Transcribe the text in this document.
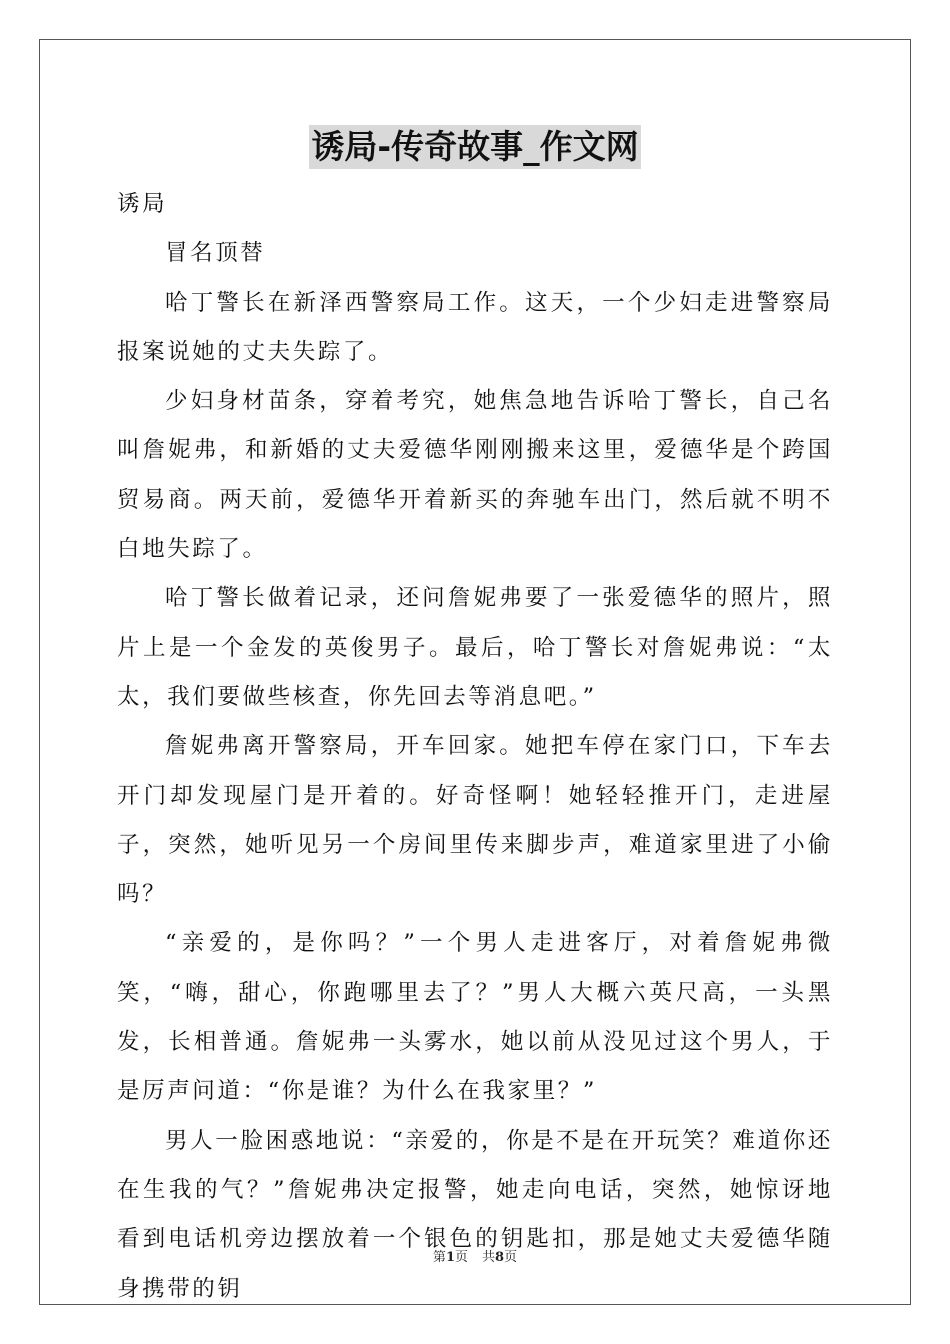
诱局-传奇故事_作文网

诱局

冒名顶替

哈丁警长在新泽西警察局工作。这天，一个少妇走进警察局报案说她的丈夫失踪了。

少妇身材苗条，穿着考究，她焦急地告诉哈丁警长，自己名叫詹妮弗，和新婚的丈夫爱德华刚刚搬来这里，爱德华是个跨国贸易商。两天前，爱德华开着新买的奔驰车出门，然后就不明不白地失踪了。

哈丁警长做着记录，还问詹妮弗要了一张爱德华的照片，照片上是一个金发的英俊男子。最后，哈丁警长对詹妮弗说：“太太，我们要做些核查，你先回去等消息吧。”

詹妮弗离开警察局，开车回家。她把车停在家门口，下车去开门却发现屋门是开着的。好奇怪啊！她轻轻推开门，走进屋子，突然，她听见另一个房间里传来脚步声，难道家里进了小偷吗？

“亲爱的，是你吗？”一个男人走进客厅，对着詹妮弗微笑，“嗨，甜心，你跑哪里去了？”男人大概六英尺高，一头黑发，长相普通。詹妮弗一头雾水，她以前从没见过这个男人，于是厉声问道：“你是谁？为什么在我家里？”

男人一脸困惑地说：“亲爱的，你是不是在开玩笑？难道你还在生我的气？”詹妮弗决定报警，她走向电话，突然，她惊讶地看到电话机旁边摆放着一个银色的钥匙扣，那是她丈夫爱德华随身携带的钥

第1页 共8页
